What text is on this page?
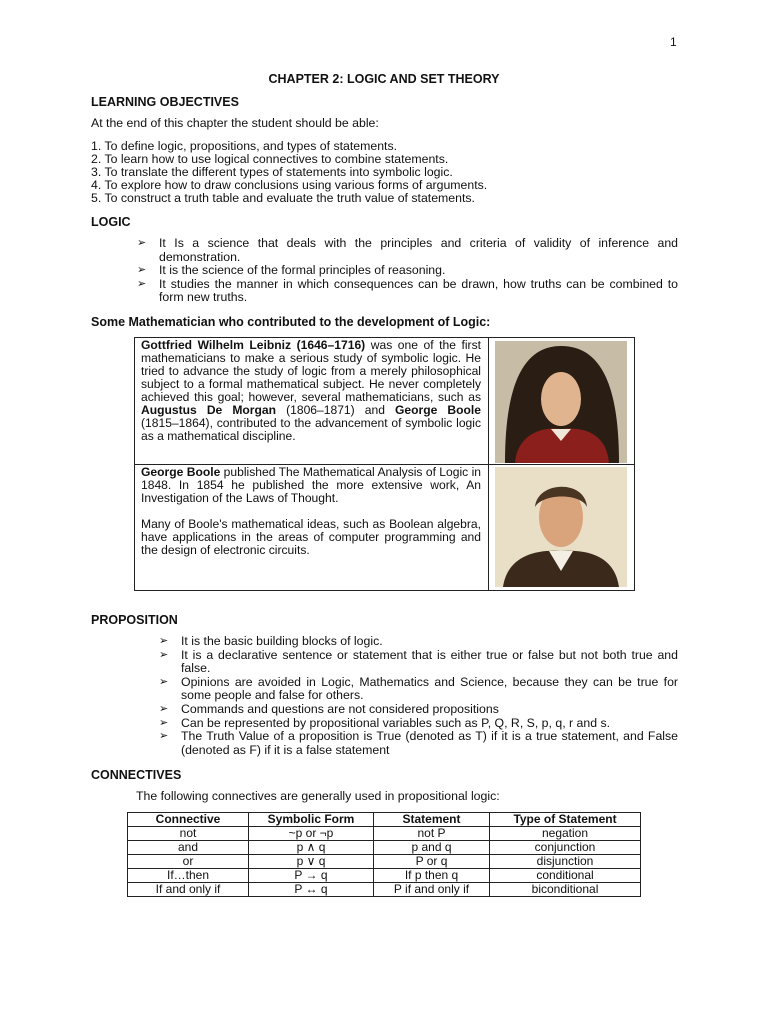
1
CHAPTER 2: LOGIC AND SET THEORY
LEARNING OBJECTIVES
At the end of this chapter the student should be able:
1. To define logic, propositions, and types of statements.
2. To learn how to use logical connectives to combine statements.
3. To translate the different types of statements into symbolic logic.
4. To explore how to draw conclusions using various forms of arguments.
5. To construct a truth table and evaluate the truth value of statements.
LOGIC
➢ It Is a science that deals with the principles and criteria of validity of inference and demonstration.
➢ It is the science of the formal principles of reasoning.
➢ It studies the manner in which consequences can be drawn, how truths can be combined to form new truths.
Some Mathematician who contributed to the development of Logic:
Gottfried Wilhelm Leibniz (1646–1716) was one of the first mathematicians to make a serious study of symbolic logic. He tried to advance the study of logic from a merely philosophical subject to a formal mathematical subject. He never completely achieved this goal; however, several mathematicians, such as Augustus De Morgan (1806–1871) and George Boole (1815–1864), contributed to the advancement of symbolic logic as a mathematical discipline.
George Boole published The Mathematical Analysis of Logic in 1848. In 1854 he published the more extensive work, An Investigation of the Laws of Thought.
Many of Boole's mathematical ideas, such as Boolean algebra, have applications in the areas of computer programming and the design of electronic circuits.
PROPOSITION
➢ It is the basic building blocks of logic.
➢ It is a declarative sentence or statement that is either true or false but not both true and false.
➢ Opinions are avoided in Logic, Mathematics and Science, because they can be true for some people and false for others.
➢ Commands and questions are not considered propositions
➢ Can be represented by propositional variables such as P, Q, R, S, p, q, r and s.
➢ The Truth Value of a proposition is True (denoted as T) if it is a true statement, and False (denoted as F) if it is a false statement
CONNECTIVES
The following connectives are generally used in propositional logic:
Connective	Symbolic Form	Statement	Type of Statement
not	~p or ¬p	not P	negation
and	p ∧ q	p and q	conjunction
or	p ∨ q	P or q	disjunction
If…then	P → q	If p then q	conditional
If and only if	P ↔ q	P if and only if	biconditional
